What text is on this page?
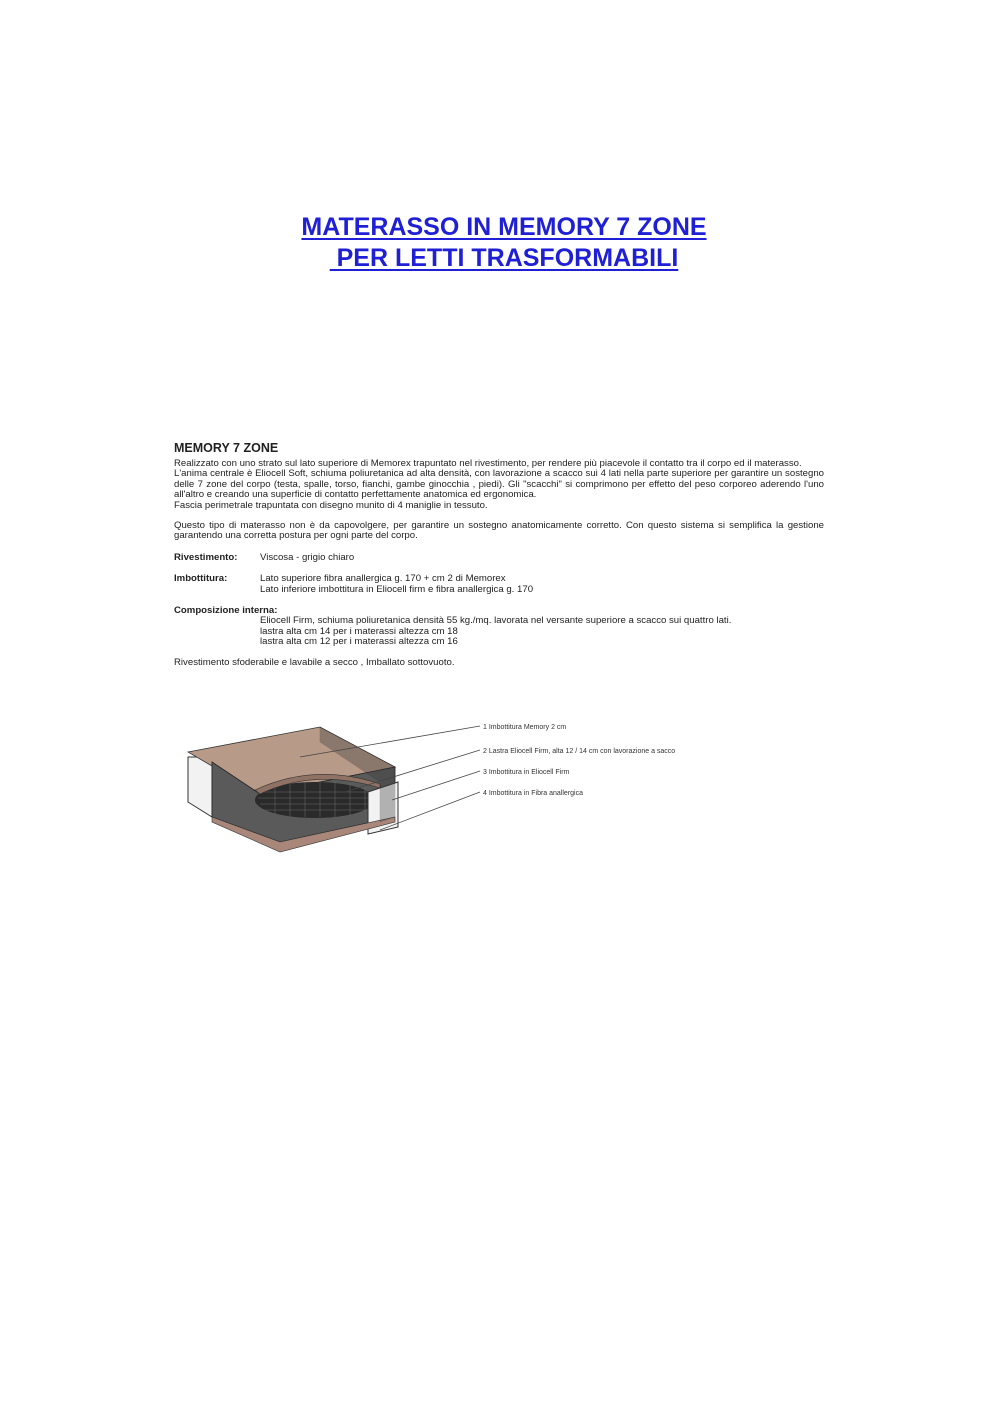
MATERASSO IN MEMORY 7 ZONE
PER LETTI TRASFORMABILI
MEMORY 7 ZONE

Realizzato con uno strato sul lato superiore di Memorex trapuntato nel rivestimento, per rendere più piacevole il contatto tra il corpo ed il materasso.

L'anima centrale è Eliocell Soft, schiuma poliuretanica ad alta densità, con lavorazione a scacco sui 4 lati nella parte superiore per garantire un sostegno delle 7 zone del corpo (testa, spalle, torso, fianchi, gambe ginocchia , piedi). Gli "scacchi" si comprimono per effetto del peso corporeo aderendo l'uno all'altro e creando una superficie di contatto perfettamente anatomica ed ergonomica.

Fascia perimetrale trapuntata con disegno munito di 4 maniglie in tessuto.

Questo tipo di materasso non è da capovolgere, per garantire un sostegno anatomicamente corretto. Con questo sistema si semplifica la gestione garantendo una corretta postura per ogni parte del corpo.

Rivestimento:	Viscosa - grigio chiaro
Imbottitura:	Lato superiore fibra anallergica g. 170 + cm 2 di Memorex
Lato inferiore imbottitura in Eliocell firm e fibra anallergica g. 170
Composizione interna:
Eliocell Firm, schiuma poliuretanica densità 55 kg./mq. lavorata nel versante superiore a scacco sui quattro lati.
lastra alta cm 14 per i materassi altezza cm 18
lastra alta cm 12 per i materassi altezza cm 16
Rivestimento sfoderabile e lavabile a secco , Imballato sottovuoto.
1 Imbottitura Memory 2 cm
2 Lastra Eliocell Firm, alta 12 / 14 cm con lavorazione a sacco
3 Imbottitura in Eliocell Firm
4 Imbottitura in Fibra anallergica
